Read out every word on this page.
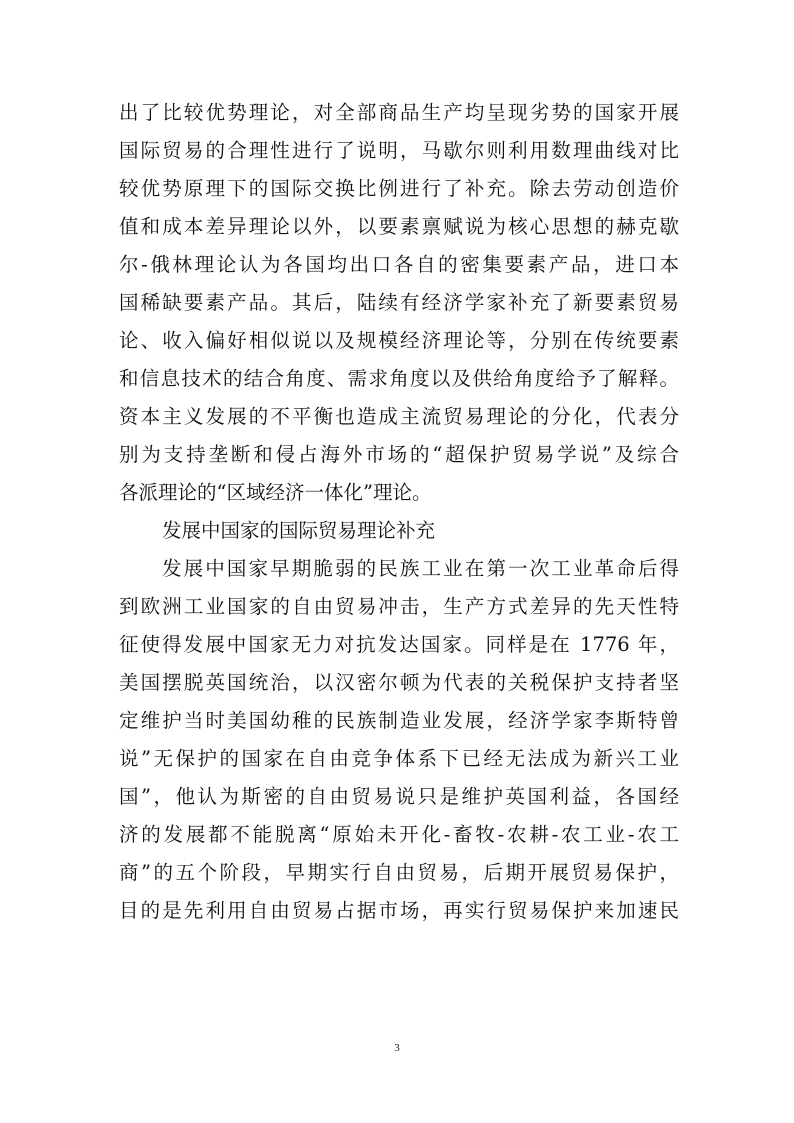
出了比较优势理论，对全部商品生产均呈现劣势的国家开展
国际贸易的合理性进行了说明，马歇尔则利用数理曲线对比
较优势原理下的国际交换比例进行了补充。除去劳动创造价
值和成本差异理论以外，以要素禀赋说为核心思想的赫克歇
尔-俄林理论认为各国均出口各自的密集要素产品，进口本
国稀缺要素产品。其后，陆续有经济学家补充了新要素贸易
论、收入偏好相似说以及规模经济理论等，分别在传统要素
和信息技术的结合角度、需求角度以及供给角度给予了解释。
资本主义发展的不平衡也造成主流贸易理论的分化，代表分
别为支持垄断和侵占海外市场的“超保护贸易学说”及综合
各派理论的“区域经济一体化”理论。
发展中国家的国际贸易理论补充
发展中国家早期脆弱的民族工业在第一次工业革命后得
到欧洲工业国家的自由贸易冲击，生产方式差异的先天性特
征使得发展中国家无力对抗发达国家。同样是在 1776 年，
美国摆脱英国统治，以汉密尔顿为代表的关税保护支持者坚
定维护当时美国幼稚的民族制造业发展，经济学家李斯特曾
说”无保护的国家在自由竞争体系下已经无法成为新兴工业
国”，他认为斯密的自由贸易说只是维护英国利益，各国经
济的发展都不能脱离“原始未开化-畜牧-农耕-农工业-农工
商”的五个阶段，早期实行自由贸易，后期开展贸易保护，
目的是先利用自由贸易占据市场，再实行贸易保护来加速民
3
